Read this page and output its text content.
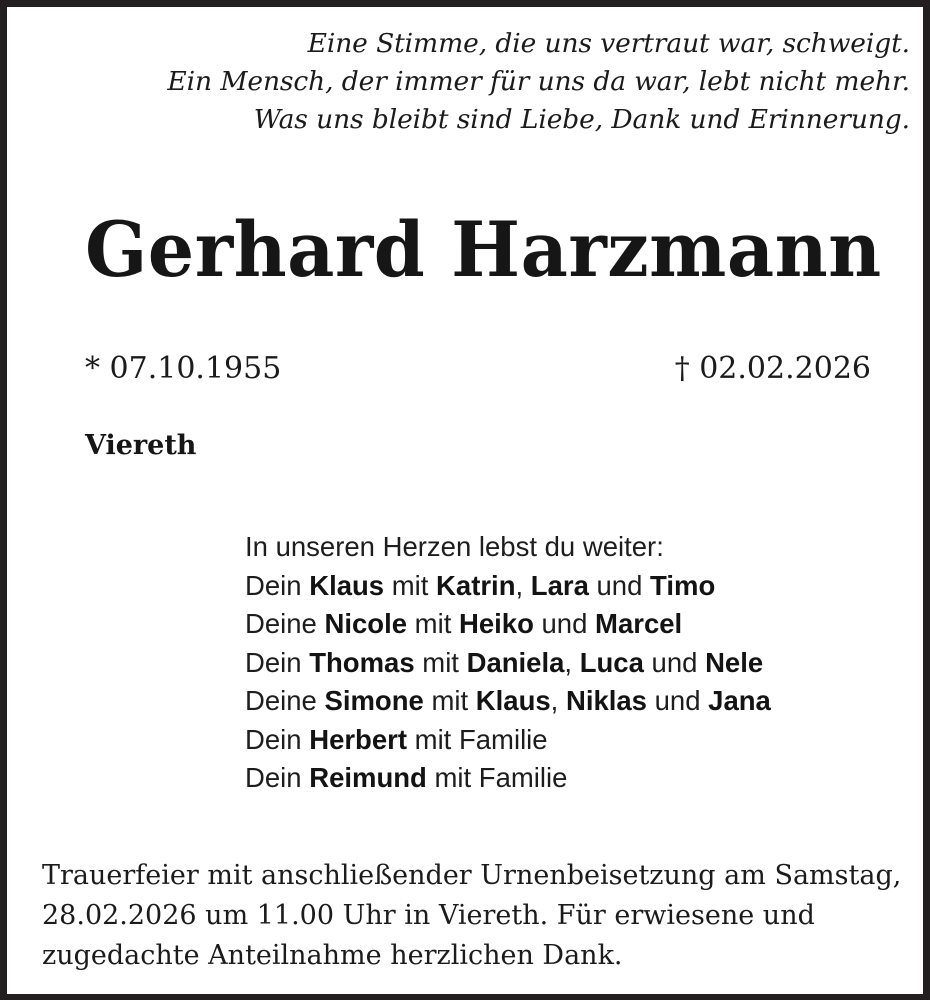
Eine Stimme, die uns vertraut war, schweigt.
Ein Mensch, der immer für uns da war, lebt nicht mehr.
Was uns bleibt sind Liebe, Dank und Erinnerung.
Gerhard Harzmann
* 07.10.1955	† 02.02.2026
Viereth
In unseren Herzen lebst du weiter:
Dein Klaus mit Katrin, Lara und Timo
Deine Nicole mit Heiko und Marcel
Dein Thomas mit Daniela, Luca und Nele
Deine Simone mit Klaus, Niklas und Jana
Dein Herbert mit Familie
Dein Reimund mit Familie
Trauerfeier mit anschließender Urnenbeisetzung am Samstag,
28.02.2026 um 11.00 Uhr in Viereth. Für erwiesene und
zugedachte Anteilnahme herzlichen Dank.
